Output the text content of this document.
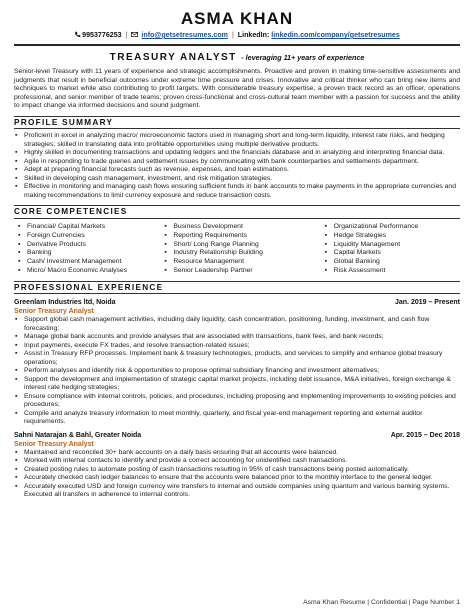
ASMA KHAN
9953776253 | info@getsetresumes.com | LinkedIn: linkedin.com/company/getsetresumes
TREASURY ANALYST - leveraging 11+ years of experience

Senior-level Treasury with 11 years of experience and strategic accomplishments. Proactive and proven in making time-sensitive assessments and judgments that result in beneficial outcomes under extreme time pressure and crises. Innovative and critical thinker who can bring new items and techniques to market while also contributing to profit targets. With considerable treasury expertise, a proven track record as an officer, operations professional, and senior member of trade teams; proven cross-functional and cross-cultural team member with a passion for success and the ability to impact change via informed decisions and sound judgment.

PROFILE SUMMARY
▪ Proficient in excel in analyzing macro/ microeconomic factors used in managing short and long-term liquidity, interest rate risks, and hedging strategies; skilled in translating data into profitable opportunities using multiple derivative products.
▪ Highly skilled in documenting transactions and updating ledgers and the financials database and in analyzing and interpreting financial data.
▪ Agile in responding to trade queries and settlement issues by communicating with bank counterparties and settlements department.
▪ Adept at preparing financial forecasts such as revenue, expenses, and loan estimations.
▪ Skilled in developing cash management, investment, and risk mitigation strategies.
▪ Effective in monitoring and managing cash flows ensuring sufficient funds in bank accounts to make payments in the appropriate currencies and making recommendations to limit currency exposure and reduce transaction costs.
CORE COMPETENCIES
▪ Financial/ Capital Markets
▪ Foreign Currencies
▪ Derivative Products
▪ Banking
▪ Cash/ Investment Management
▪ Micro/ Macro Economic Analyses
▪ Business Development
▪ Reporting Requirements
▪ Short/ Long Range Planning
▪ Industry Relationship Building
▪ Resource Management
▪ Senior Leadership Partner
▪ Organizational Performance
▪ Hedge Strategies
▪ Liquidity Management
▪ Capital Markets
▪ Global Banking
▪ Risk Assessment
PROFESSIONAL EXPERIENCE
Greenlam Industries ltd, Noida	Jan. 2019 – Present
Senior Treasury Analyst
▪ Support global cash management activities, including daily liquidity, cash concentration, positioning, funding, investment, and cash flow forecasting;
▪ Manage global bank accounts and provide analyses that are associated with transactions, bank fees, and bank records;
▪ Input payments, execute FX trades, and resolve transaction-related issues;
▪ Assist in Treasury RFP processes. Implement bank & treasury technologies, products, and services to simplify and enhance global treasury operations;
▪ Perform analyses and identify risk & opportunities to propose optimal subsidiary financing and investment alternatives;
▪ Support the development and implementation of strategic capital market projects, including debt issuance, M&A initiatives, foreign exchange & interest rate hedging strategies;
▪ Ensure compliance with internal controls, policies, and procedures, including proposing and implementing improvements to existing policies and procedures;
▪ Compile and analyze treasury information to meet monthly, quarterly, and fiscal year-end management reporting and external auditor requirements.
Sahni Natarajan & Bahl, Greater Noida	Apr. 2015 – Dec 2018
Senior Treasury Analyst
▪ Maintained and reconciled 30+ bank accounts on a daily basis ensuring that all accounts were balanced.
▪ Worked with internal contacts to identify and provide a correct accounting for unidentified cash transactions.
▪ Created posting rules to automate posting of cash transactions resulting in 95% of cash transactions being posted automatically.
▪ Accurately checked cash ledger balances to ensure that the accounts were balanced prior to the monthly interface to the general ledger.
▪ Accurately executed USD and foreign currency wire transfers to internal and outside companies using quantum and various banking systems. Executed all transfers in adherence to internal controls.
Asma Khan Resume | Confidential | Page Number 1
